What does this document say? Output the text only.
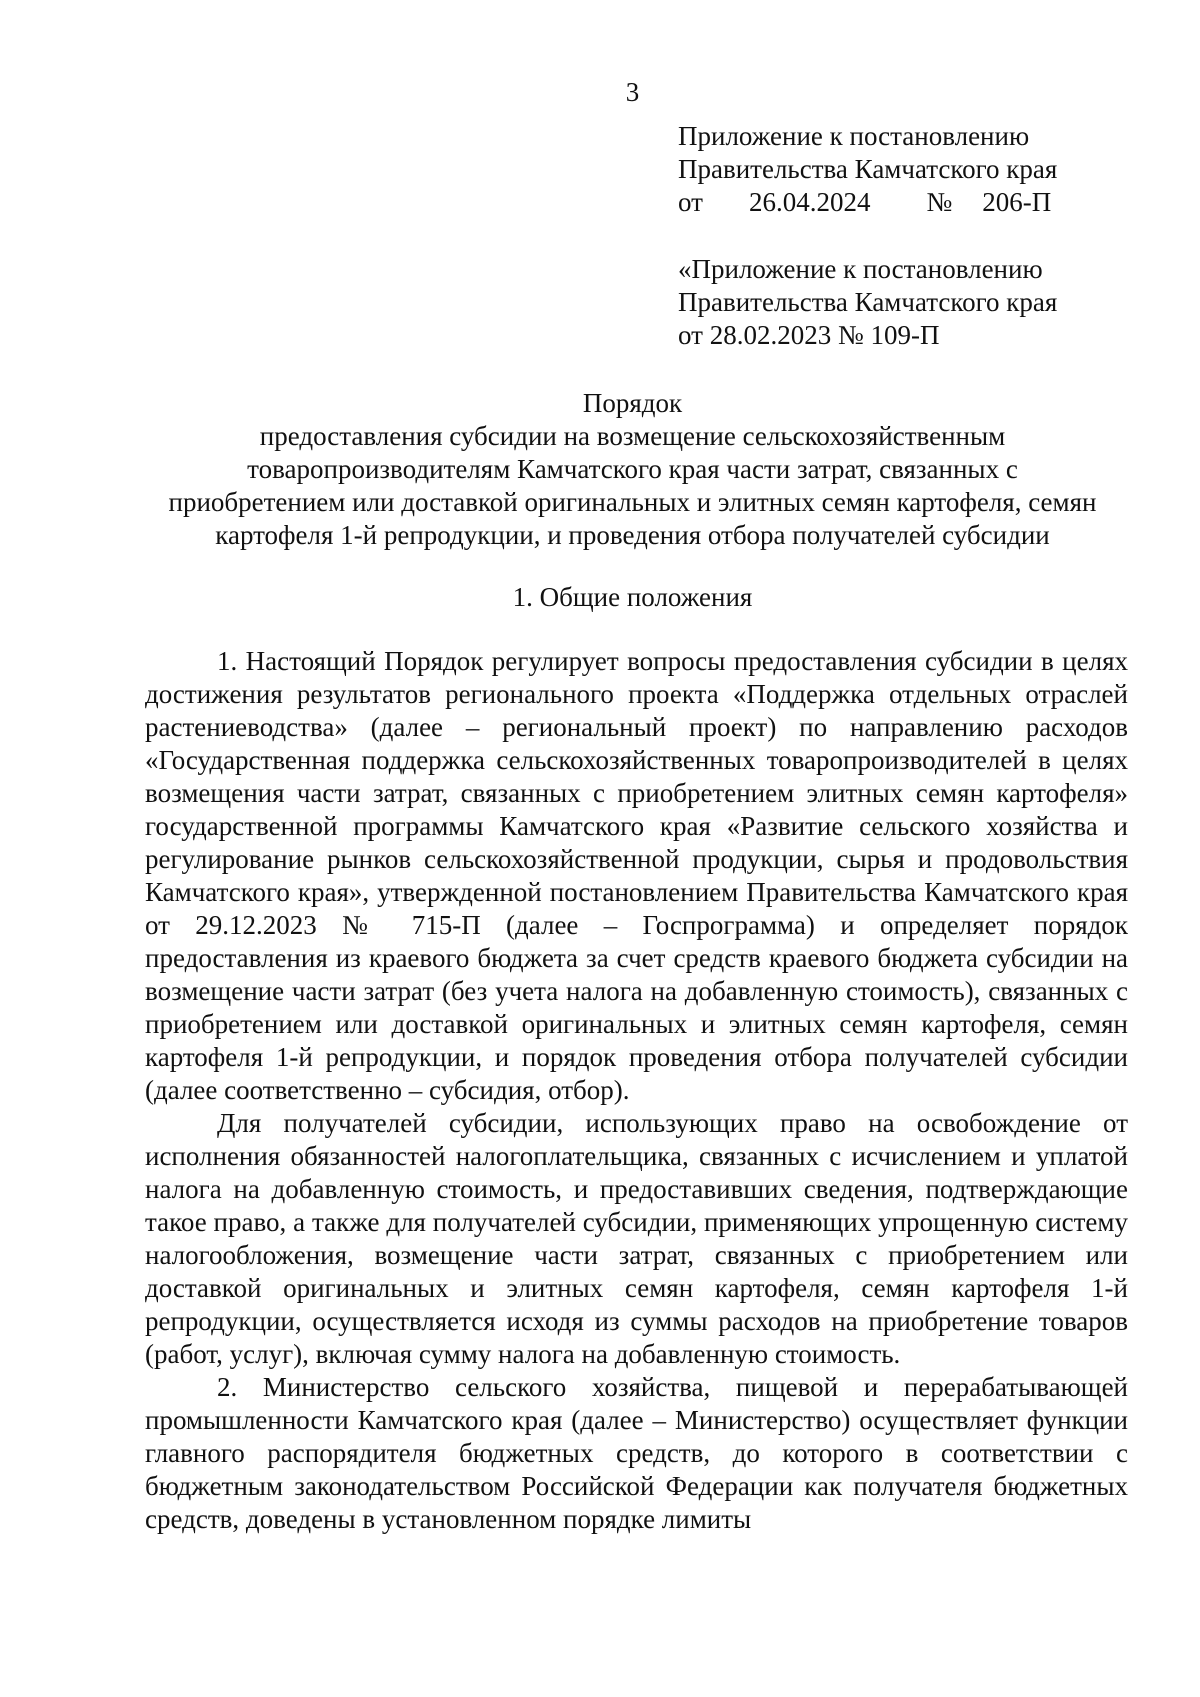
3

Приложение к постановлению

Правительства Камчатского края

от 26.04.2024 № 206-П

«Приложение к постановлению

Правительства Камчатского края

от 28.02.2023 № 109-П

Порядок

предоставления субсидии на возмещение сельскохозяйственным

товаропроизводителям Камчатского края части затрат, связанных с

приобретением или доставкой оригинальных и элитных семян картофеля, семян

картофеля 1-й репродукции, и проведения отбора получателей субсидии

1. Общие положения

1. Настоящий Порядок регулирует вопросы предоставления субсидии в целях достижения результатов регионального проекта «Поддержка отдельных отраслей растениеводства» (далее – региональный проект) по направлению расходов «Государственная поддержка сельскохозяйственных товаропроизводителей в целях возмещения части затрат, связанных с приобретением элитных семян картофеля» государственной программы Камчатского края «Развитие сельского хозяйства и регулирование рынков сельскохозяйственной продукции, сырья и продовольствия Камчатского края», утвержденной постановлением Правительства Камчатского края от 29.12.2023 № 715-П (далее – Госпрограмма) и определяет порядок предоставления из краевого бюджета за счет средств краевого бюджета субсидии на возмещение части затрат (без учета налога на добавленную стоимость), связанных с приобретением или доставкой оригинальных и элитных семян картофеля, семян картофеля 1-й репродукции, и порядок проведения отбора получателей субсидии (далее соответственно – субсидия, отбор).

Для получателей субсидии, использующих право на освобождение от исполнения обязанностей налогоплательщика, связанных с исчислением и уплатой налога на добавленную стоимость, и предоставивших сведения, подтверждающие такое право, а также для получателей субсидии, применяющих упрощенную систему налогообложения, возмещение части затрат, связанных с приобретением или доставкой оригинальных и элитных семян картофеля, семян картофеля 1-й репродукции, осуществляется исходя из суммы расходов на приобретение товаров (работ, услуг), включая сумму налога на добавленную стоимость.

2. Министерство сельского хозяйства, пищевой и перерабатывающей промышленности Камчатского края (далее – Министерство) осуществляет функции главного распорядителя бюджетных средств, до которого в соответствии с бюджетным законодательством Российской Федерации как получателя бюджетных средств, доведены в установленном порядке лимиты
